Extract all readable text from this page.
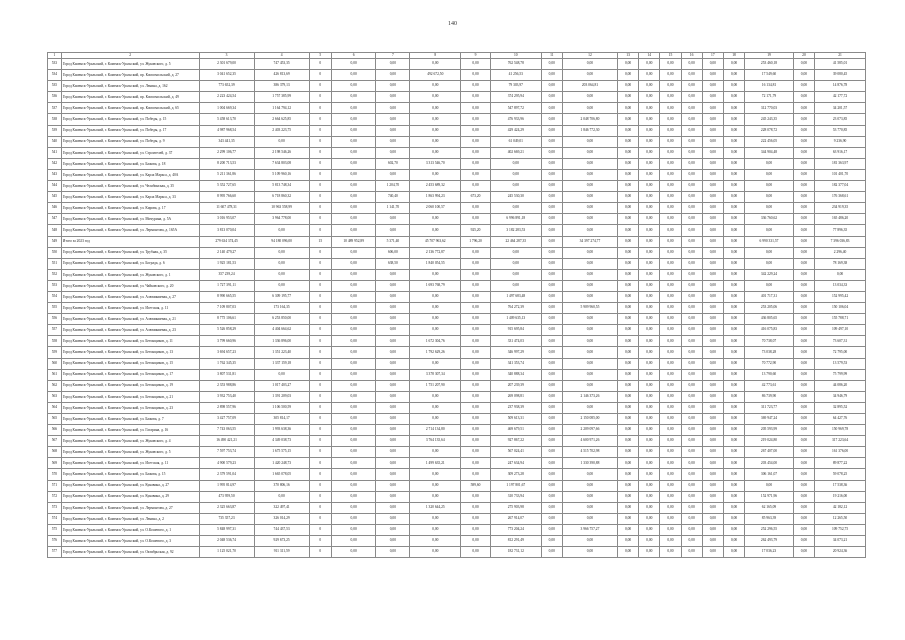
140
1	2	3	4	5	6	7	8	9	10	11	12	13	14	15	16	17	18	19	20	21
533	Город Каменск-Уральский, г. Каменск-Уральский, ул. Жуковского, д. 5	2 301 679,00	747 453,35	0	0,00	0,00	0,00	0,00	762 548,78	0,00	0,00	0,00	0,00	0,00	0,00	0,00	0,00	253 460,18	0,00	41 585,01
534	Город Каменск-Уральский, г. Каменск-Уральский, пр. Комсомольский, д. 27	3 041 652,35	426 813,69	0	0,00	0,00	492 672,50	0,00	41 256,53	0,00	0,00	0,00	0,00	0,00	0,00	0,00	0,00	17 549,60	0,00	39 080,45
535	Город Каменск-Уральский, г. Каменск-Уральский, ул. Ленина, д. 162	773 652,39	386 379,13	0	0,00	0,00	0,00	0,00	79 303,97	0,00	203 064,81	0,00	0,00	0,00	0,00	0,00	0,00	16 134,81	0,00	14 876,78
536	Город Каменск-Уральский, г. Каменск-Уральский, пр. Комсомольский, д. 49	2 223 424,54	1 757 385,99	0	0,00	0,00	0,00	0,00	374 295,94	0,00	0,00	0,00	0,00	0,00	0,00	0,00	0,00	72 171,79	0,00	42 177,72
537	Город Каменск-Уральский, г. Каменск-Уральский, пр. Комсомольский, д. 65	1 004 669,34	1 164 794,12	0	0,00	0,00	0,00	0,00	547 897,72	0,00	0,00	0,00	0,00	0,00	0,00	0,00	0,00	312 770,03	0,00	34 201,57
538	Город Каменск-Уральский, г. Каменск-Уральский, ул. Победы, д. 15	5 458 613,70	2 664 625,85	0	0,00	0,00	0,00	0,00	476 933,96	0,00	2 048 706,80	0,00	0,00	0,00	0,00	0,00	0,00	245 243,35	0,00	23 073,85
539	Город Каменск-Уральский, г. Каменск-Уральский, ул. Победы, д. 17	4 987 968,54	2 403 223,75	0	0,00	0,00	0,00	0,00	429 424,29	0,00	1 846 772,30	0,00	0,00	0,00	0,00	0,00	0,00	228 078,72	0,00	53 770,85
540	Город Каменск-Уральский, г. Каменск-Уральский, ул. Победы, д. 9	343 441,35	0,00	0	0,00	0,00	0,00	0,00	61 049,01	0,00	0,00	0,00	0,00	0,00	0,00	0,00	0,00	222 456,05	0,00	9 236,90
541	Город Каменск-Уральский, г. Каменск-Уральский, ул. Строителей, д. 37	2 299 106,77	2 198 546,26	0	0,00	0,00	0,00	0,00	402 669,21	0,00	0,00	0,00	0,00	0,00	0,00	0,00	0,00	344 904,48	0,00	63 916,17
542	Город Каменск-Уральский, г. Каменск-Уральский, ул. Бажова, д. 18	8 200 713,53	7 634 803,08	0	0,00	602,70	3 313 546,70	0,00	0,00	0,00	0,00	0,00	0,00	0,00	0,00	0,00	0,00	0,00	0,00	181 363,97
543	Город Каменск-Уральский, г. Каменск-Уральский, ул. Карла Маркса, д. 40А	5 211 361,86	5 109 960,16	0	0,00	0,00	0,00	0,00	0,00	0,00	0,00	0,00	0,00	0,00	0,00	0,00	0,00	0,00	0,00	101 401,70
544	Город Каменск-Уральский, г. Каменск-Уральский, ул. Челябинская, д. 35	5 352 727,65	5 813 748,34	0	0,00	1 204,70	2 453 689,32	0,00	0,00	0,00	0,00	0,00	0,00	0,00	0,00	0,00	0,00	0,00	0,00	182 377,04
545	Город Каменск-Уральский, г. Каменск-Уральский, ул. Карла Маркса, д. 33	8 995 766,60	6 718 860,32	0	0,00	740,40	1 863 994,23	673,20	245 530,30	0,00	0,00	0,00	0,00	0,00	0,00	0,00	0,00	0,00	0,00	176 368,61
546	Город Каменск-Уральский, г. Каменск-Уральский, ул. Кирова, д. 17	11 607 478,31	10 963 558,99	0	0,00	1 141,70	2 060 100,57	0,00	0,00	0,00	0,00	0,00	0,00	0,00	0,00	0,00	0,00	0,00	0,00	234 919,35
547	Город Каменск-Уральский, г. Каменск-Уральский, ул. Мичурина, д. 5А	3 016 953,07	3 964 778,00	0	0,00	0,00	0,00	0,00	6 996 891,18	0,00	0,00	0,00	0,00	0,00	0,00	0,00	0,00	336 760,62	0,00	165 486,20
548	Город Каменск-Уральский, г. Каменск-Уральский, ул. Лермонтова, д. 165А	3 813 070,04	0,00	0	0,00	0,00	0,00	925,20	3 182 283,53	0,00	0,00	0,00	0,00	0,00	0,00	0,00	0,00	0,00	0,00	77 896,35
549	Итого за 2023 год	279 634 374,45	94 180 096,00	15	10 489 952,89	5 371,40	45 707 963,62	1 796,20	22 464 287,35	0,00	34 397 274,77	0,00	0,00	0,00	0,00	0,00	0,00	6 990 331,57	0,00	7 396 036,83
550	Город Каменск-Уральский, г. Каменск-Уральский, ул. Трубная, д. 35	2 140 479,27	0,00	0	0,00	606,00	2 136 772,87	0,00	0,00	0,00	0,00	0,00	0,00	0,00	0,00	0,00	0,00	0,00	0,00	2 296,40
551	Город Каменск-Уральский, г. Каменск-Уральский, ул. Бограда, д. 6	1 925 181,53	0,00	0	0,00	638,50	1 840 054,55	0,00	0,00	0,00	0,00	0,00	0,00	0,00	0,00	0,00	0,00	0,00	0,00	78 169,38
552	Город Каменск-Уральский, г. Каменск-Уральский, ул. Жуковского, д. 1	357 239,24	0,00	0	0,00	0,00	0,00	0,00	0,00	0,00	0,00	0,00	0,00	0,00	0,00	0,00	0,00	342 229,24	0,00	0,00
553	Город Каменск-Уральский, г. Каменск-Уральский, ул. Чайковского, д. 20	1 727 391,11	0,00	0	0,00	0,00	1 693 768,79	0,00	0,00	0,00	0,00	0,00	0,00	0,00	0,00	0,00	0,00	0,00	0,00	13 034,33
554	Город Каменск-Уральский, г. Каменск-Уральский, ул. Алюминиевая, д. 27	8 990 665,55	6 309 195,77	0	0,00	0,00	0,00	0,00	1 497 683,48	0,00	0,00	0,00	0,00	0,00	0,00	0,00	0,00	401 717,31	0,00	152 995,42
555	Город Каменск-Уральский, г. Каменск-Уральский, ул. Исетская, д. 11	7 109 807,03	173 164,35	0	0,00	0,00	0,00	0,00	764 272,39	0,00	5 909 960,55	0,00	0,00	0,00	0,00	0,00	0,00	253 205,06	0,00	150 106,04
556	Город Каменск-Уральский, г. Каменск-Уральский, ул. Алюминиевая, д. 21	8 775 106,61	6 253 850,00	0	0,00	0,00	0,00	0,00	1 409 635,13	0,00	0,00	0,00	0,00	0,00	0,00	0,00	0,00	436 805,65	0,00	155 788,71
557	Город Каменск-Уральский, г. Каменск-Уральский, ул. Алюминиевая, д. 23	5 526 858,29	4 404 664,62	0	0,00	0,00	0,00	0,00	915 695,84	0,00	0,00	0,00	0,00	0,00	0,00	0,00	0,00	416 075,83	0,00	109 497,10
558	Город Каменск-Уральский, г. Каменск-Уральский, ул. Бетонщиков, д. 11	3 799 660,96	1 336 896,00	0	0,00	0,00	1 672 304,76	0,00	331 474,03	0,00	0,00	0,00	0,00	0,00	0,00	0,00	0,00	70 738,07	0,00	73 607,31
559	Город Каменск-Уральский, г. Каменск-Уральский, ул. Бетонщиков, д. 13	3 694 657,23	1 351 223,40	0	0,00	0,00	1 792 629,26	0,00	346 997,29	0,00	0,00	0,00	0,00	0,00	0,00	0,00	0,00	73 038,28	0,00	72 795,00
560	Город Каменск-Уральский, г. Каменск-Уральский, ул. Бетонщиков, д. 15	1 762 345,35	1 337 159,18	0	0,00	0,00	0,00	0,00	341 353,74	0,00	0,00	0,00	0,00	0,00	0,00	0,00	0,00	70 772,90	0,00	13 579,53
561	Город Каменск-Уральский, г. Каменск-Уральский, ул. Бетонщиков, д. 17	3 807 531,81	0,00	0	0,00	0,00	3 378 307,34	0,00	340 888,34	0,00	0,00	0,00	0,00	0,00	0,00	0,00	0,00	13 790,60	0,00	75 799,99
562	Город Каменск-Уральский, г. Каменск-Уральский, ул. Бетонщиков, д. 19	2 353 988,86	1 017 403,27	0	0,00	0,00	1 751 207,90	0,00	207 239,39	0,00	0,00	0,00	0,00	0,00	0,00	0,00	0,00	42 773,61	0,00	44 086,20
563	Город Каменск-Уральский, г. Каменск-Уральский, ул. Бетонщиков, д. 21	3 932 753,40	1 391 209,03	0	0,00	0,00	0,00	0,00	269 098,81	0,00	2 146 373,26	0,00	0,00	0,00	0,00	0,00	0,00	86 739,90	0,00	34 946,79
564	Город Каменск-Уральский, г. Каменск-Уральский, ул. Бетонщиков, д. 23	2 898 557,96	1 106 500,59	0	0,00	0,00	0,00	0,00	237 938,39	0,00	0,00	0,00	0,00	0,00	0,00	0,00	0,00	311 723,77	0,00	32 895,52
565	Город Каменск-Уральский, г. Каменск-Уральский, ул. Бажова, д. 7	3 427 757,09	305 814,17	0	0,00	0,00	0,00	0,00	509 613,31	0,00	2 150 085,00	0,00	0,00	0,00	0,00	0,00	0,00	369 947,24	0,00	64 427,76
566	Город Каменск-Уральский, г. Каменск-Уральский, ул. Гагарина, д. 16	7 743 063,55	1 993 638,36	0	0,00	0,00	2 714 134,80	0,00	469 679,51	0,00	2 209 097,66	0,00	0,00	0,00	0,00	0,00	0,00	205 593,99	0,00	150 969,78
567	Город Каменск-Уральский, г. Каменск-Уральский, ул. Жуковского, д. 4	16 490 421,21	4 349 038,73	0	0,00	0,00	3 764 135,64	0,00	927 867,22	0,00	4 600 971,26	0,00	0,00	0,00	0,00	0,00	0,00	219 024,80	0,00	317 223,64
568	Город Каменск-Уральский, г. Каменск-Уральский, ул. Жуковского, д. 5	7 597 753,74	1 675 575,15	0	0,00	0,00	0,00	0,00	567 024,41	0,00	4 515 702,98	0,00	0,00	0,00	0,00	0,00	0,00	267 407,00	0,00	161 376,00
569	Город Каменск-Уральский, г. Каменск-Уральский, ул. Исетская, д. 11	4 900 579,23	1 420 248,73	0	0,00	0,00	1 499 635,21	0,00	247 634,94	0,00	1 330 390,88	0,00	0,00	0,00	0,00	0,00	0,00	203 454,00	0,00	89 877,22
570	Город Каменск-Уральский, г. Каменск-Уральский, ул. Бажова, д. 15	2 379 591,04	1 665 078,05	0	0,00	0,00	0,00	0,00	309 273,28	0,00	0,00	0,00	0,00	0,00	0,00	0,00	0,00	306 161,07	0,00	59 078,25
571	Город Каменск-Уральский, г. Каменск-Уральский, ул. Кунавина, д. 27	1 995 814,97	370 806,16	0	0,00	0,00	0,00	589,60	1 197 801,67	0,00	0,00	0,00	0,00	0,00	0,00	0,00	0,00	0,00	0,00	17 538,36
572	Город Каменск-Уральский, г. Каменск-Уральский, ул. Кунавина, д. 29	473 959,50	0,00	0	0,00	0,00	0,00	0,00	310 733,94	0,00	0,00	0,00	0,00	0,00	0,00	0,00	0,00	152 971,96	0,00	19 216,00
573	Город Каменск-Уральский, г. Каменск-Уральский, ул. Лермонтова, д. 27	2 325 663,87	322 497,41	0	0,00	0,00	1 320 644,25	0,00	275 903,98	0,00	0,00	0,00	0,00	0,00	0,00	0,00	0,00	62 165,09	0,00	42 182,12
574	Город Каменск-Уральский, г. Каменск-Уральский, ул. Ленина, д. 2	735 357,23	326 014,29	0	0,00	0,00	0,00	0,00	267 914,07	0,00	0,00	0,00	0,00	0,00	0,00	0,00	0,00	85 963,39	0,00	12 265,50
575	Город Каменск-Уральский, г. Каменск-Уральский, ул. О.Кошевого, д. 1	5 848 997,31	744 437,53	0	0,00	0,00	0,00	0,00	773 204,24	0,00	3 966 757,27	0,00	0,00	0,00	0,00	0,00	0,00	252 296,55	0,00	109 752,75
576	Город Каменск-Уральский, г. Каменск-Уральский, ул. О.Кошевого, д. 3	2 048 536,74	929 673,25	0	0,00	0,00	0,00	0,00	812 291,49	0,00	0,00	0,00	0,00	0,00	0,00	0,00	0,00	262 493,79	0,00	34 073,21
577	Город Каменск-Уральский, г. Каменск-Уральский, ул. Октябрьская, д. 92	1 125 021,70	911 311,59	0	0,00	0,00	0,00	0,00	182 731,12	0,00	0,00	0,00	0,00	0,00	0,00	0,00	0,00	17 036,23	0,00	20 924,36
